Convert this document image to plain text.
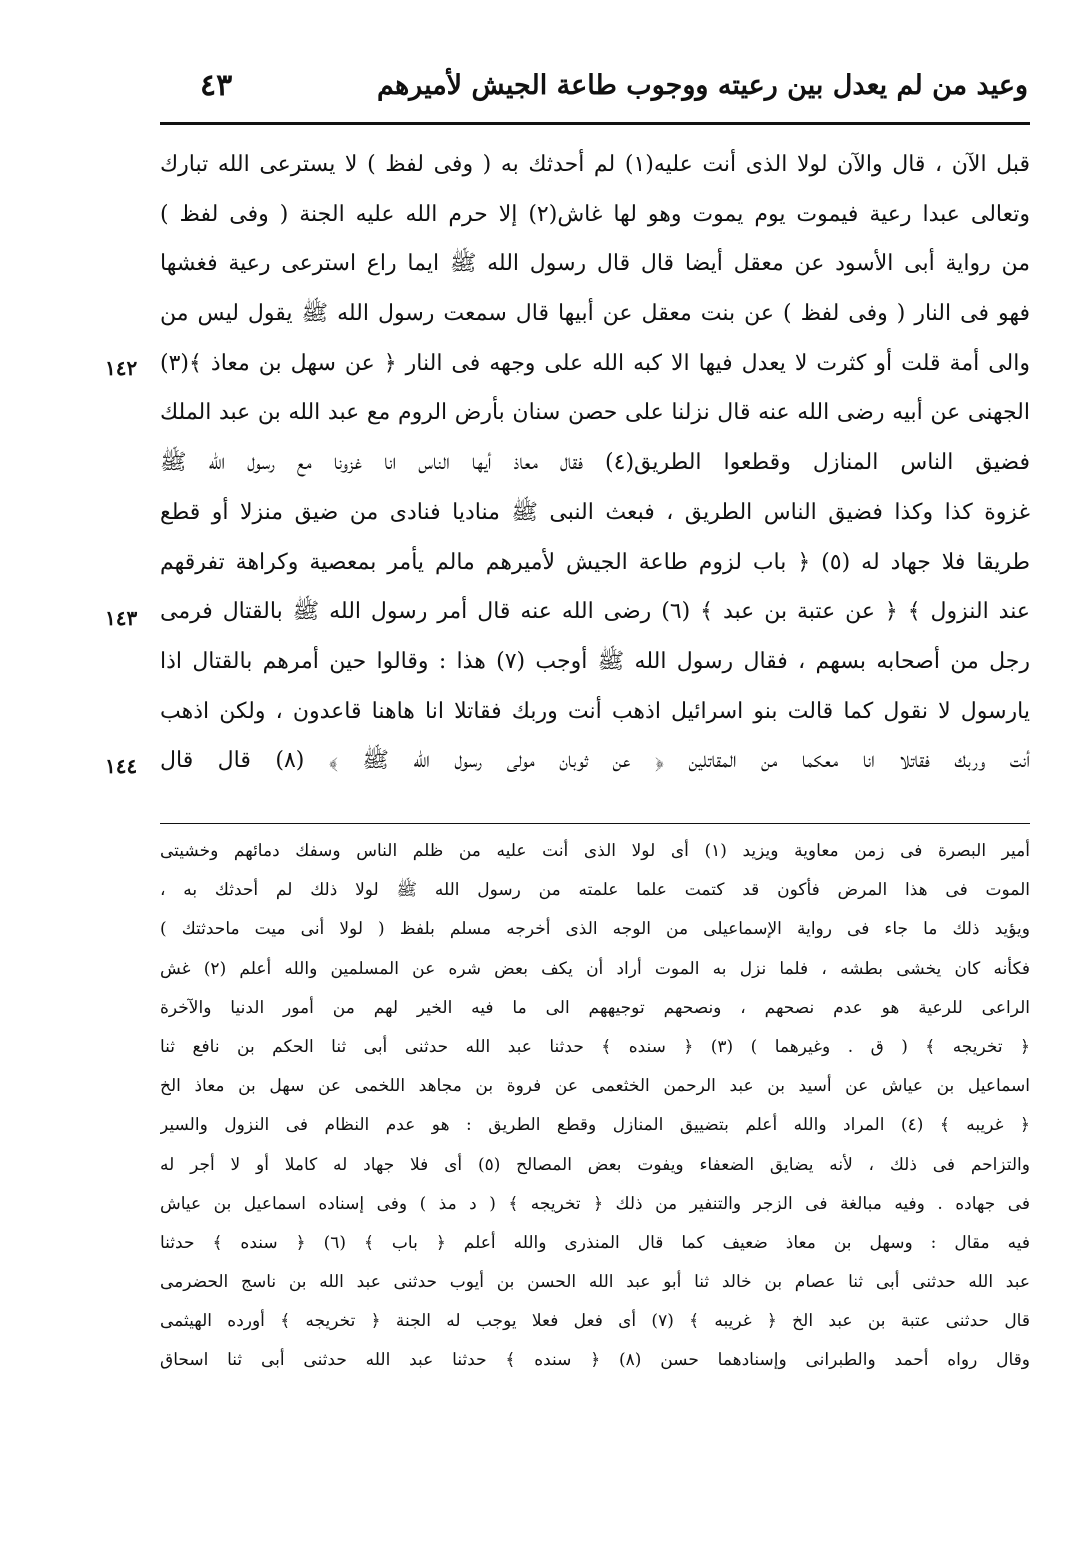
وعيد من لم يعدل بين رعيته ووجوب طاعة الجيش لأميرهم
٤٣
١٤٢
١٤٣
١٤٤
قبل الآن ، قال والآن لولا الذى أنت عليه(١) لم أحدثك به ( وفى لفظ ) لا يسترعى الله تبارك
وتعالى عبدا رعية فيموت يوم يموت وهو لها غاش(٢) إلا حرم الله عليه الجنة ( وفى لفظ )
من رواية أبى الأسود عن معقل أيضا قال قال رسول الله ﷺ ايما راع استرعى رعية فغشها
فهو فى النار ( وفى لفظ ) عن بنت معقل عن أبيها قال سمعت رسول الله ﷺ يقول ليس من
والى أمة قلت أو كثرت لا يعدل فيها الا كبه الله على وجهه فى النار ﴿ عن سهل بن معاذ ﴾(٣)
الجهنى عن أبيه رضى الله عنه قال نزلنا على حصن سنان بأرض الروم مع عبد الله بن عبد الملك
فضيق الناس المنازل وقطعوا الطريق(٤) فقال معاذ أيها الناس انا غزونا مع رسول الله ﷺ
غزوة كذا وكذا فضيق الناس الطريق ، فبعث النبى ﷺ مناديا فنادى من ضيق منزلا أو قطع
طريقا فلا جهاد له (٥) ﴿ باب لزوم طاعة الجيش لأميرهم مالم يأمر بمعصية وكراهة تفرقهم
عند النزول ﴾ ﴿ عن عتبة بن عبد ﴾ (٦) رضى الله عنه قال أمر رسول الله ﷺ بالقتال فرمى
رجل من أصحابه بسهم ، فقال رسول الله ﷺ أوجب (٧) هذا : وقالوا حين أمرهم بالقتال اذا
يارسول لا نقول كما قالت بنو اسرائيل اذهب أنت وربك فقاتلا انا هاهنا قاعدون ، ولكن اذهب
أنت وربك فقاتلا انا معكما من المقاتلين ﴿ عن ثوبان مولى رسول الله ﷺ ﴾ (٨) قال قال
أمير البصرة فى زمن معاوية ويزيد (١) أى لولا الذى أنت عليه من ظلم الناس وسفك دمائهم وخشيتى
الموت فى هذا المرض فأكون قد كتمت علما علمته من رسول الله ﷺ لولا ذلك لم أحدثك به ،
ويؤيد ذلك ما جاء فى رواية الإسماعيلى من الوجه الذى أخرجه مسلم بلفظ ( لولا أنى ميت ماحدثتك )
فكأنه كان يخشى بطشه ، فلما نزل به الموت أراد أن يكف بعض شره عن المسلمين والله أعلم (٢) غش
الراعى للرعية هو عدم نصحهم ، ونصحهم توجيههم الى ما فيه الخير لهم من أمور الدنيا والآخرة
﴿ تخريجه ﴾ ( ق . وغيرهما ) (٣) ﴿ سنده ﴾ حدثنا عبد الله حدثنى أبى ثنا الحكم بن نافع ثنا
اسماعيل بن عياش عن أسيد بن عبد الرحمن الخثعمى عن فروة بن مجاهد اللخمى عن سهل بن معاذ الخ
﴿ غريبه ﴾ (٤) المراد والله أعلم بتضييق المنازل وقطع الطريق : هو عدم النظام فى النزول والسير
والتزاحم فى ذلك ، لأنه يضايق الضعفاء ويفوت بعض المصالح (٥) أى فلا جهاد له كاملا أو لا أجر له
فى جهاده . وفيه مبالغة فى الزجر والتنفير من ذلك ﴿ تخريجه ﴾ ( د مذ ) وفى إسناده اسماعيل بن عياش
فيه مقال : وسهل بن معاذ ضعيف كما قال المنذرى والله أعلم ﴿ باب ﴾ (٦) ﴿ سنده ﴾ حدثنا
عبد الله حدثنى أبى ثنا عصام بن خالد ثنا أبو عبد الله الحسن بن أيوب حدثنى عبد الله بن ناسج الحضرمى
قال حدثنى عتبة بن عبد الخ ﴿ غريبه ﴾ (٧) أى فعل فعلا يوجب له الجنة ﴿ تخريجه ﴾ أورده الهيثمى
وقال رواه أحمد والطبرانى وإسنادهما حسن (٨) ﴿ سنده ﴾ حدثنا عبد الله حدثنى أبى ثنا اسحاق
